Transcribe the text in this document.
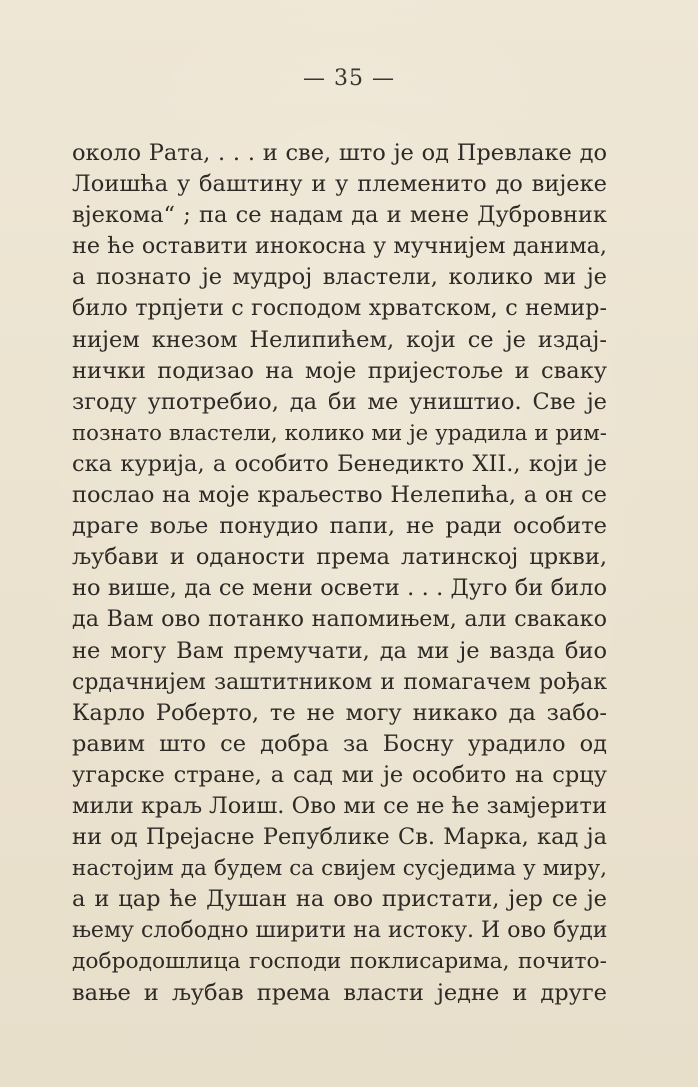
— 35 —
около Рата, . . . и све, што је од Превлаке до
Лоишћа у баштину и у племенито до вијеке
вјекома“ ; па се надам да и мене Дубровник
не ће оставити инокосна у мучнијем данима,
а познато је мудрој властели, колико ми је
било трпјети с господом хрватском, с немир-
нијем кнезом Нелипићем, који се је издај-
нички подизао на моје пријестоље и сваку
згоду употребио, да би ме уништио. Све је
познато властели, колико ми је урадила и рим-
ска курија, а особито Бенедикто XII., који је
послао на моје краљество Нелепића, а он се
драге воље понудио папи, не ради особите
љубави и оданости према латинској цркви,
но више, да се мени освети . . . Дуго би било
да Вам ово потанко напомињем, али свакако
не могу Вам премучати, да ми је вазда био
срдачнијем заштитником и помагачем рођак
Карло Роберто, те не могу никако да забо-
равим што се добра за Босну урадило од
угарске стране, а сад ми је особито на срцу
мили краљ Лоиш. Ово ми се не ће замјерити
ни од Прејасне Републике Св. Марка, кад ја
настојим да будем са свијем сусједима у миру,
а и цар ће Душан на ово пристати, јер се је
њему слободно ширити на истоку. И ово буди
добродошлица господи поклисарима, почито-
вање и љубав према власти једне и друге
